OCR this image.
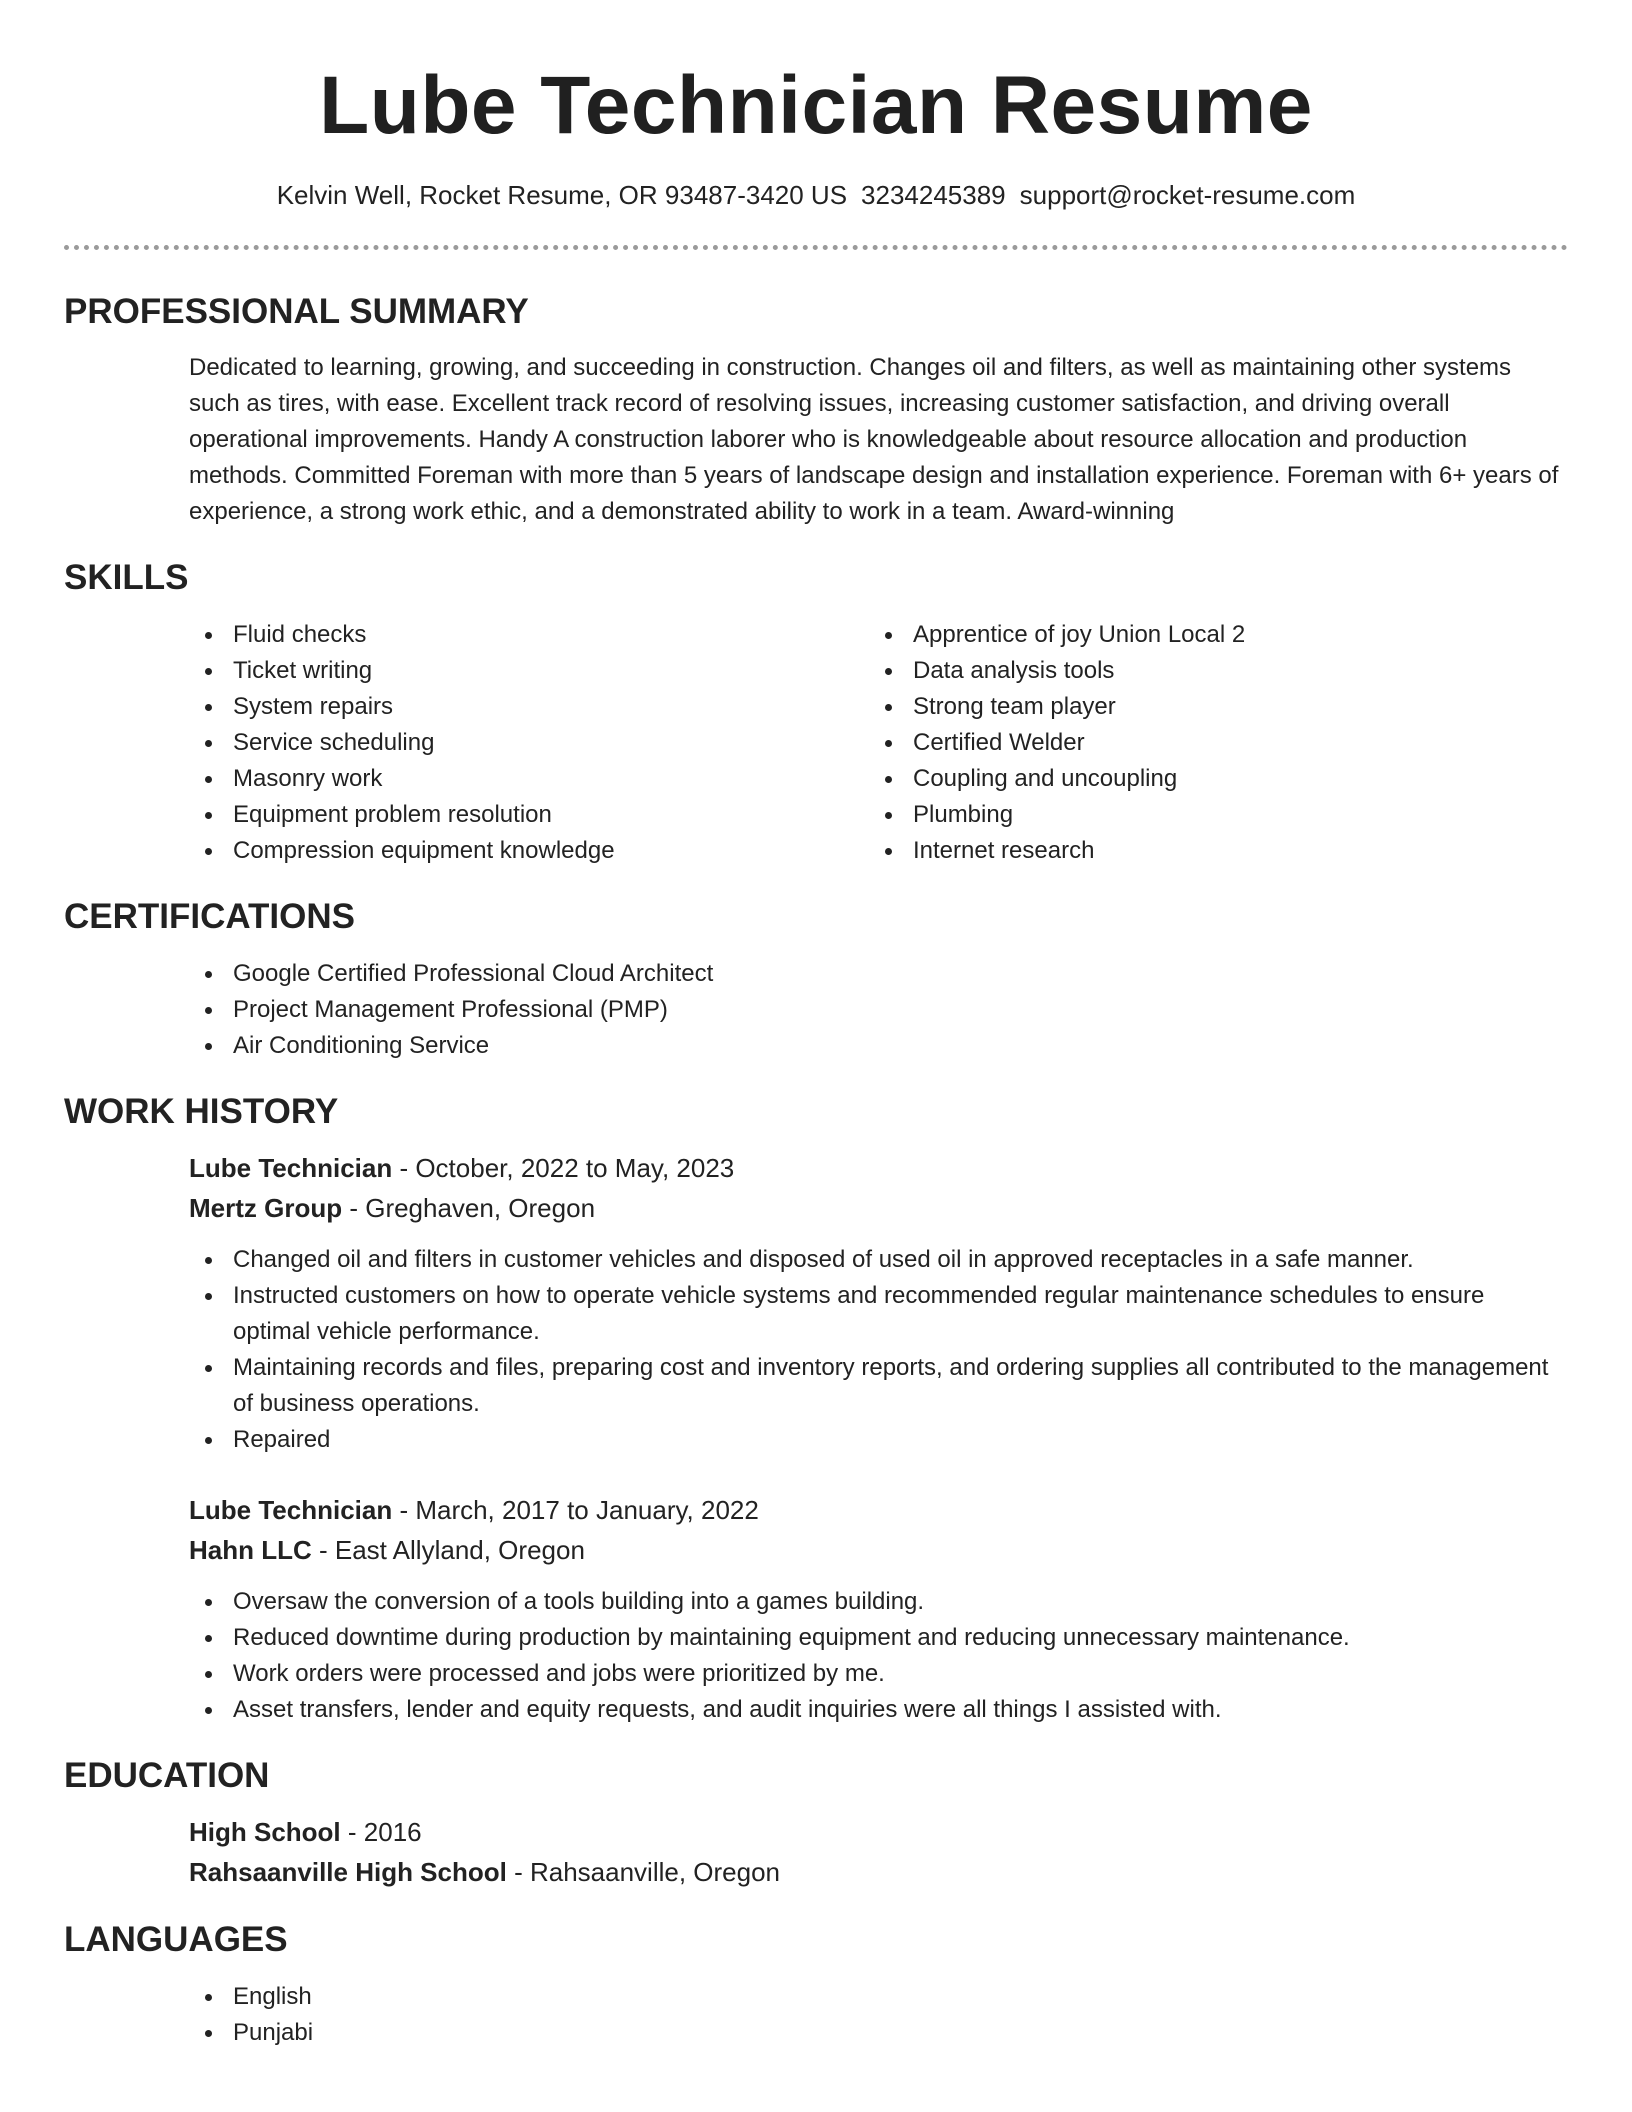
Lube Technician Resume
Kelvin Well, Rocket Resume, OR 93487-3420 US 3234245389 support@rocket-resume.com
PROFESSIONAL SUMMARY

Dedicated to learning, growing, and succeeding in construction. Changes oil and filters, as well as maintaining other systems such as tires, with ease. Excellent track record of resolving issues, increasing customer satisfaction, and driving overall operational improvements. Handy A construction laborer who is knowledgeable about resource allocation and production methods. Committed Foreman with more than 5 years of landscape design and installation experience. Foreman with 6+ years of experience, a strong work ethic, and a demonstrated ability to work in a team. Award-winning

SKILLS
Fluid checks
Ticket writing
System repairs
Service scheduling
Masonry work
Equipment problem resolution
Compression equipment knowledge
Apprentice of joy Union Local 2
Data analysis tools
Strong team player
Certified Welder
Coupling and uncoupling
Plumbing
Internet research
CERTIFICATIONS
Google Certified Professional Cloud Architect
Project Management Professional (PMP)
Air Conditioning Service
WORK HISTORY
Lube Technician - October, 2022 to May, 2023
Mertz Group - Greghaven, Oregon
Changed oil and filters in customer vehicles and disposed of used oil in approved receptacles in a safe manner.
Instructed customers on how to operate vehicle systems and recommended regular maintenance schedules to ensure optimal vehicle performance.
Maintaining records and files, preparing cost and inventory reports, and ordering supplies all contributed to the management of business operations.
Repaired
Lube Technician - March, 2017 to January, 2022
Hahn LLC - East Allyland, Oregon
Oversaw the conversion of a tools building into a games building.
Reduced downtime during production by maintaining equipment and reducing unnecessary maintenance.
Work orders were processed and jobs were prioritized by me.
Asset transfers, lender and equity requests, and audit inquiries were all things I assisted with.
EDUCATION
High School - 2016
Rahsaanville High School - Rahsaanville, Oregon
LANGUAGES
English
Punjabi
